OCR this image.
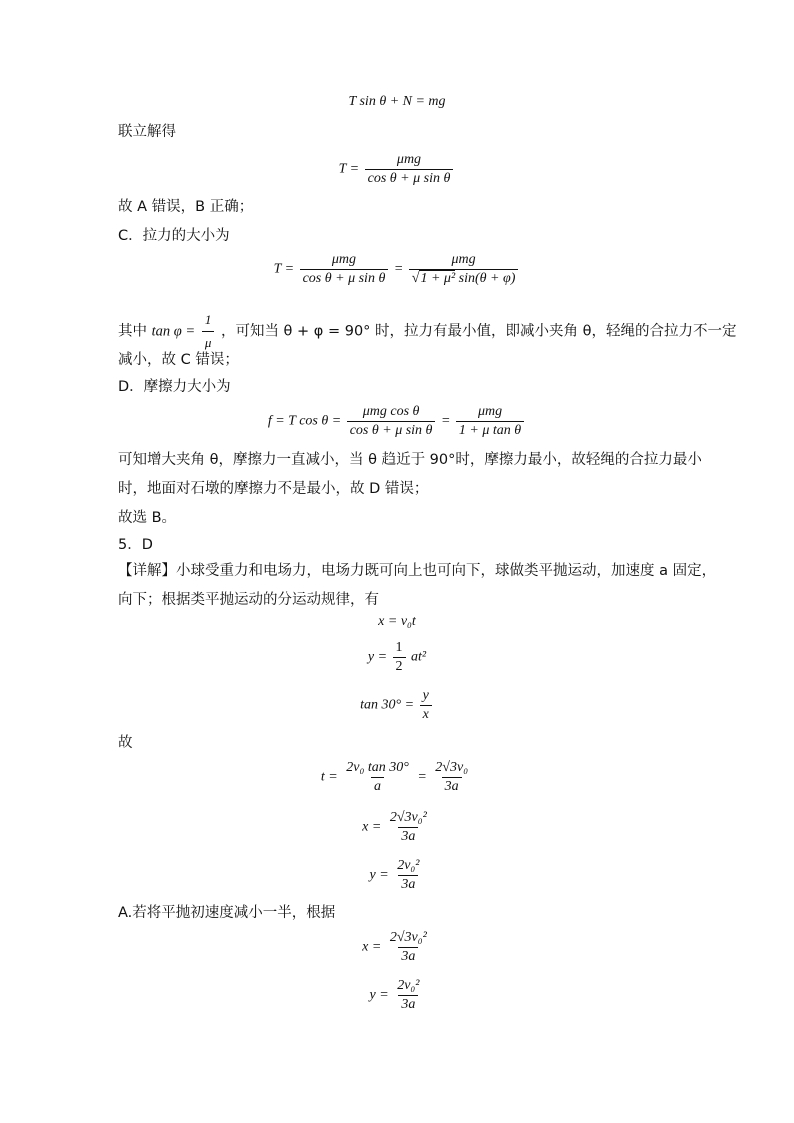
T sin θ + N = mg
联立解得
$T = \frac{\text{μmg}}{\text{cos θ + μ sin θ}}$
故 A 错误，B 正确；
C．拉力的大小为
$T = \frac{\text{μmg}}{\text{cos θ + μ sin θ}} = \frac{\text{μmg}}{\text{√1 + μ² sin(θ + φ)}}$
其中 $\tan \varphi = \frac{1}{\mu}$ ，可知当 θ + φ = 90° 时，拉力有最小值，即减小夹角 θ，轻绳的合拉力不一定
减小，故 C 错误；
D．摩擦力大小为
f = T $\cos \theta = \frac{\text{μmg cos θ}}{\text{cos θ + μ sin θ}} = \frac{\text{μmg}}{\text{1 + μ tan θ}}$
可知增大夹角 θ，摩擦力一直减小，当 θ 趋近于 90°时，摩擦力最小，故轻绳的合拉力最小
时，地面对石墩的摩擦力不是最小，故 D 错误；
故选 B。
5．D
【详解】小球受重力和电场力，电场力既可向上也可向下，球做类平抛运动，加速度 a 固定，
向下；根据类平抛运动的分运动规律，有
x = v₀t
$y = \frac{1}{2} at^2$
$\tan 30^\circ = \frac{y}{x}$
故
$t = \frac{\text{2v₀ tan 30°}}{a} = \frac{\text{2√3v₀}}{3a}$
$x = \frac{\text{2√3v₀²}}{3a}$
$y = \frac{\text{2v₀²}}{3a}$
A.若将平抛初速度减小一半，根据
$x = \frac{\text{2√3v₀²}}{3a}$
$y = \frac{\text{2v₀²}}{3a}$
